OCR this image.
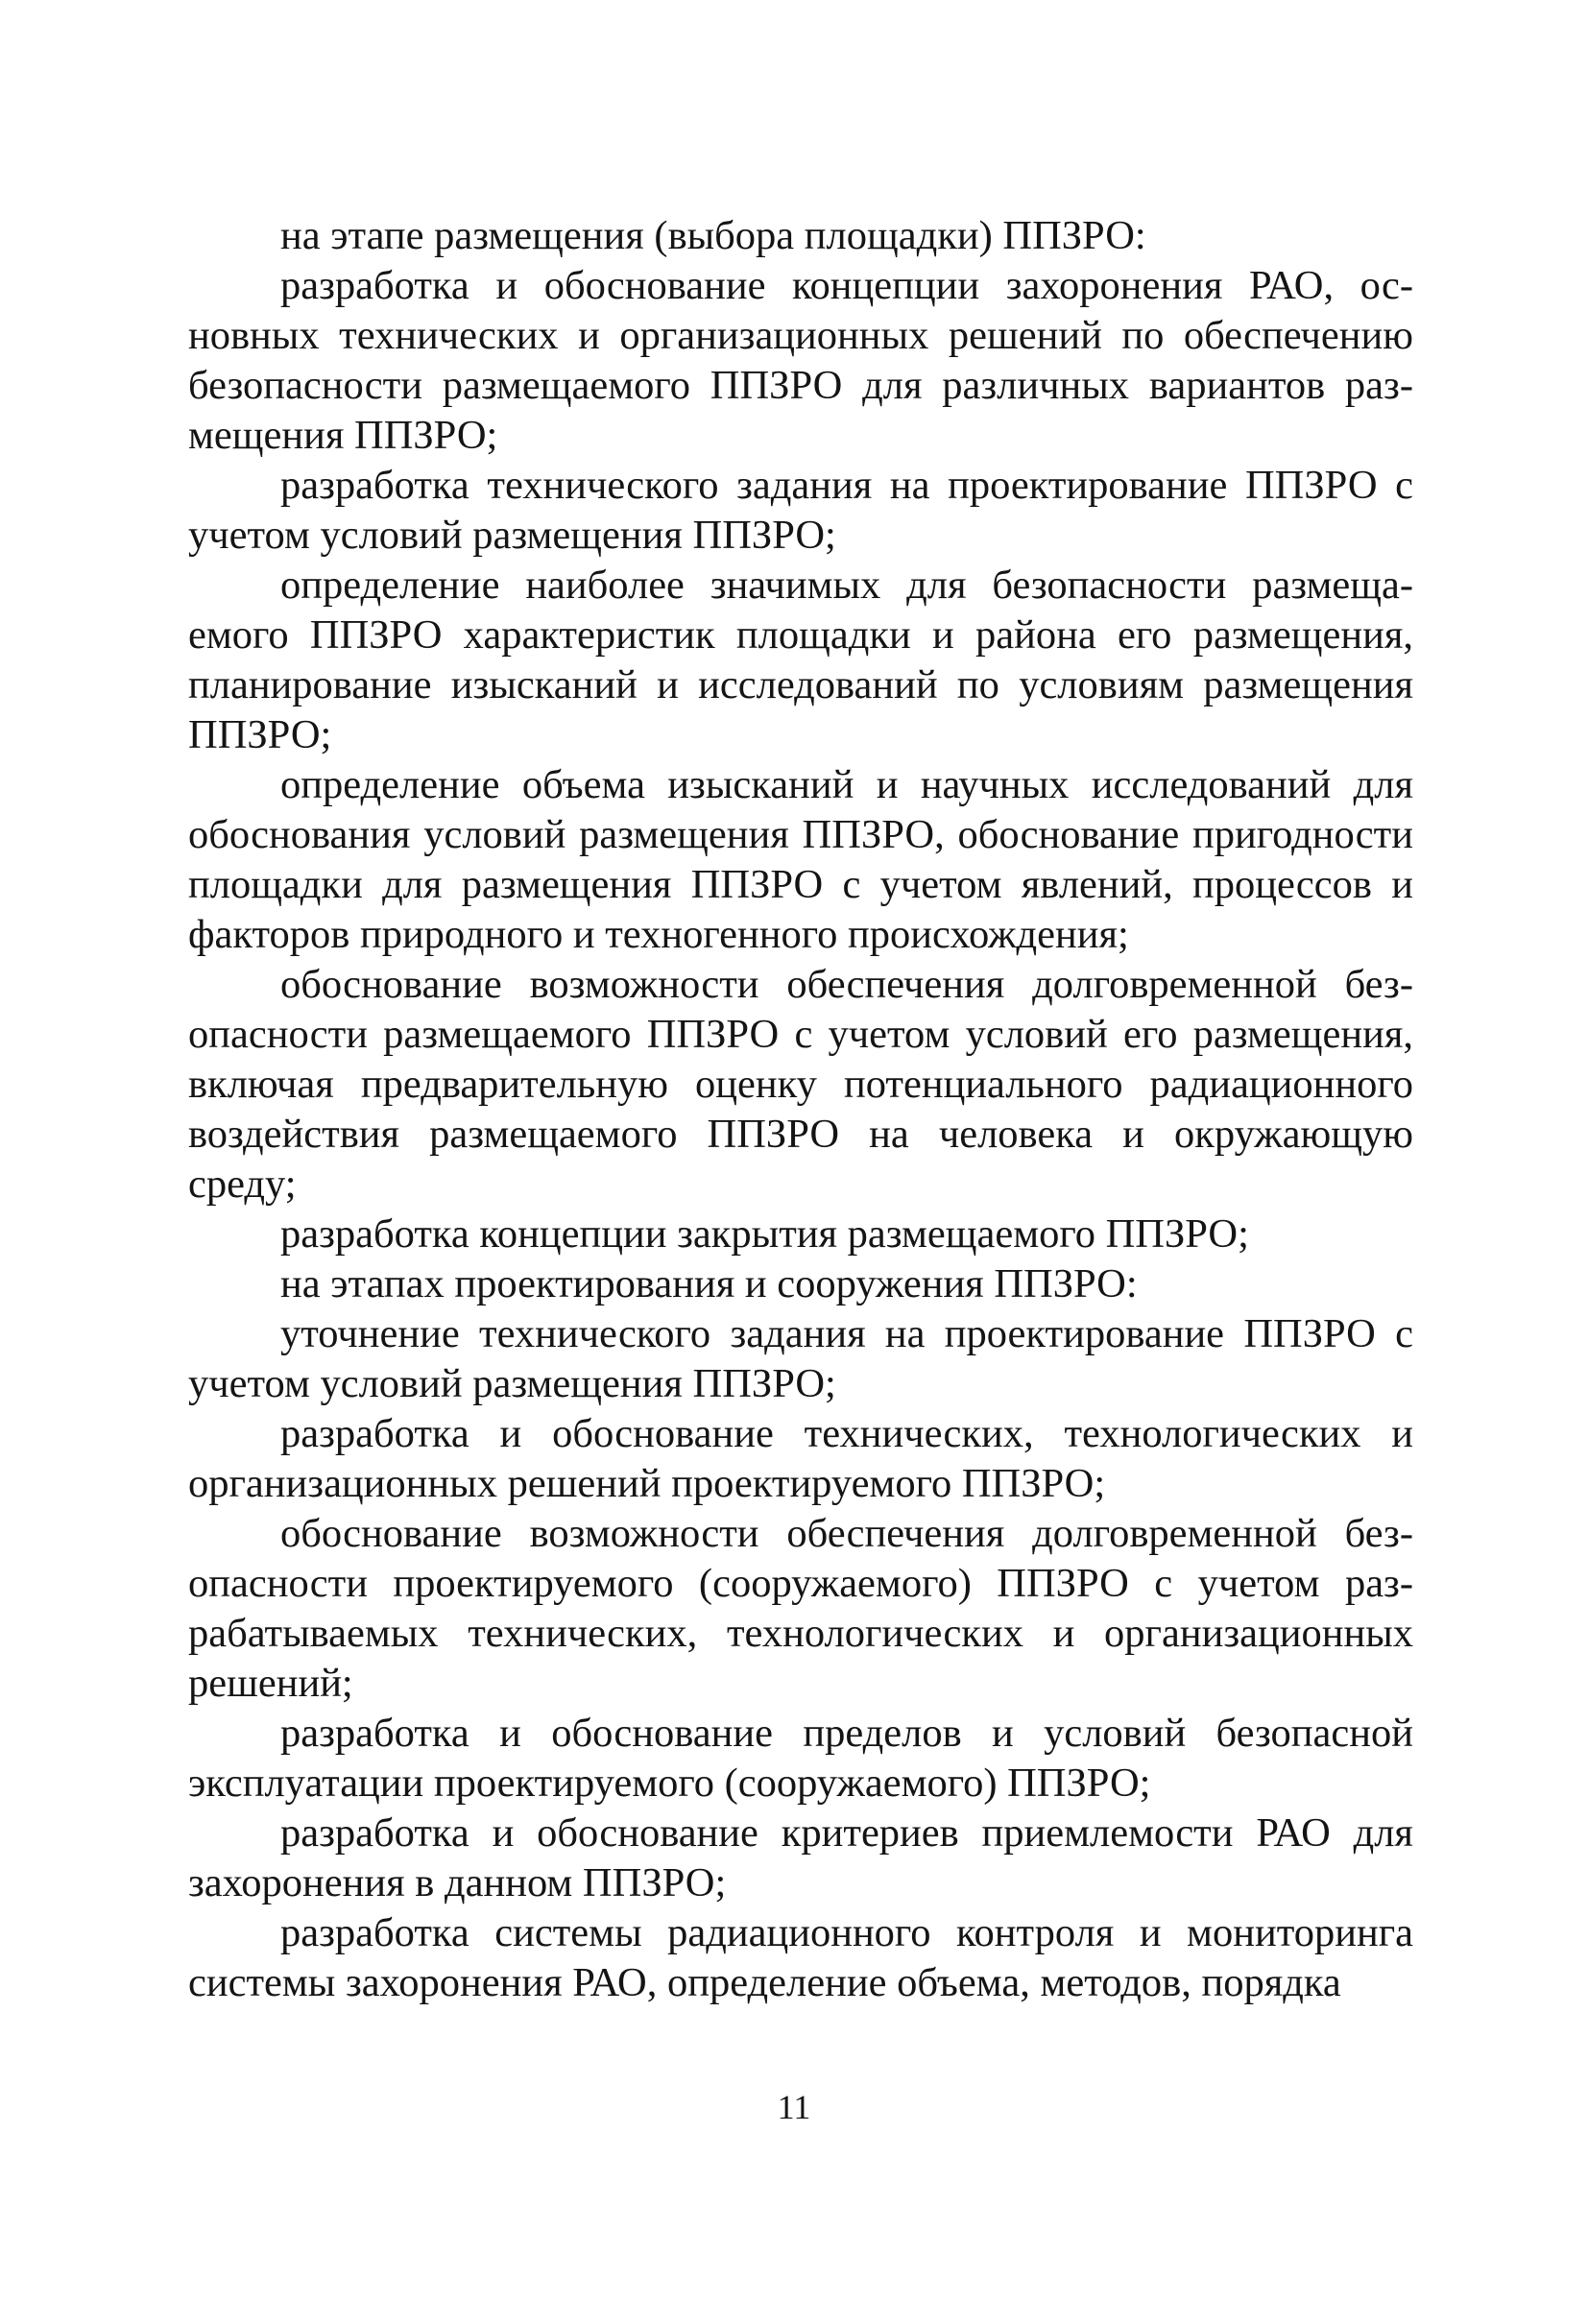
на этапе размещения (выбора площадки) ППЗРО:

разработка и обоснование концепции захоронения РАО, основных технических и организационных решений по обеспечению безопасности размещаемого ППЗРО для различных вариантов размещения ППЗРО;

разработка технического задания на проектирование ППЗРО с учетом условий размещения ППЗРО;

определение наиболее значимых для безопасности размещаемого ППЗРО характеристик площадки и района его размещения, планирование изысканий и исследований по условиям размещения ППЗРО;

определение объема изысканий и научных исследований для обоснования условий размещения ППЗРО, обоснование пригодности площадки для размещения ППЗРО с учетом явлений, процессов и факторов природного и техногенного происхождения;

обоснование возможности обеспечения долговременной безопасности размещаемого ППЗРО с учетом условий его размещения, включая предварительную оценку потенциального радиационного воздействия размещаемого ППЗРО на человека и окружающую среду;

разработка концепции закрытия размещаемого ППЗРО;

на этапах проектирования и сооружения ППЗРО:

уточнение технического задания на проектирование ППЗРО с учетом условий размещения ППЗРО;

разработка и обоснование технических, технологических и организационных решений проектируемого ППЗРО;

обоснование возможности обеспечения долговременной безопасности проектируемого (сооружаемого) ППЗРО с учетом разрабатываемых технических, технологических и организационных решений;

разработка и обоснование пределов и условий безопасной эксплуатации проектируемого (сооружаемого) ППЗРО;

разработка и обоснование критериев приемлемости РАО для захоронения в данном ППЗРО;

разработка системы радиационного контроля и мониторинга системы захоронения РАО, определение объема, методов, порядка

11
